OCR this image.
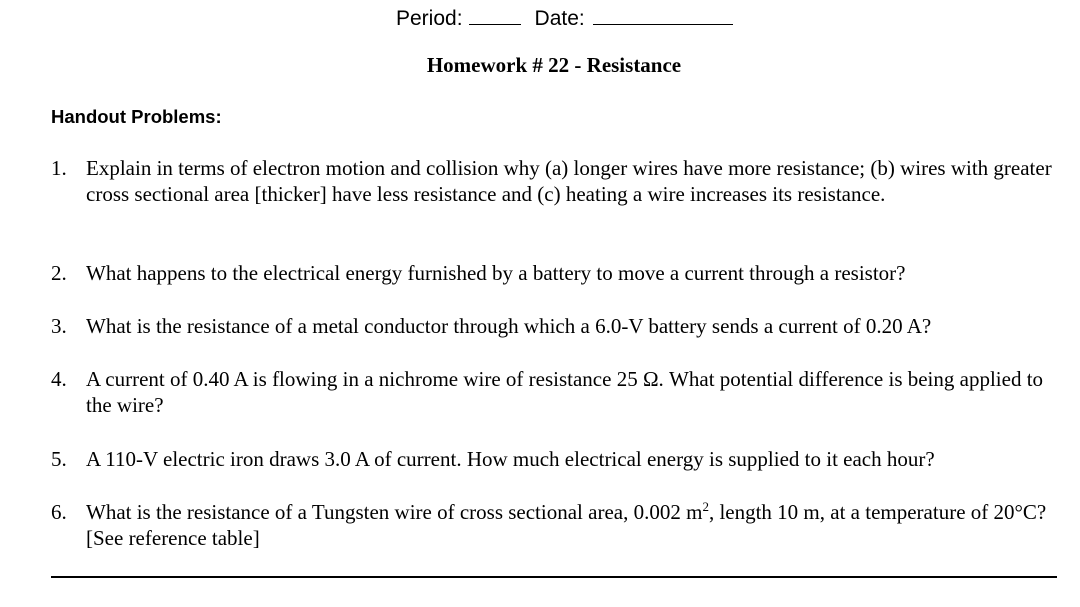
Period:	Date:
Homework # 22 - Resistance
Handout Problems:
1. Explain in terms of electron motion and collision why (a) longer wires have more resistance; (b) wires with greater cross sectional area [thicker] have less resistance and (c) heating a wire increases its resistance.
2. What happens to the electrical energy furnished by a battery to move a current through a resistor?
3. What is the resistance of a metal conductor through which a 6.0-V battery sends a current of 0.20 A?
4. A current of 0.40 A is flowing in a nichrome wire of resistance 25 Ω. What potential difference is being applied to the wire?
5. A 110-V electric iron draws 3.0 A of current. How much electrical energy is supplied to it each hour?
6. What is the resistance of a Tungsten wire of cross sectional area, 0.002 $m^2$, length 10 m, at a temperature of 20°C? [See reference table]
